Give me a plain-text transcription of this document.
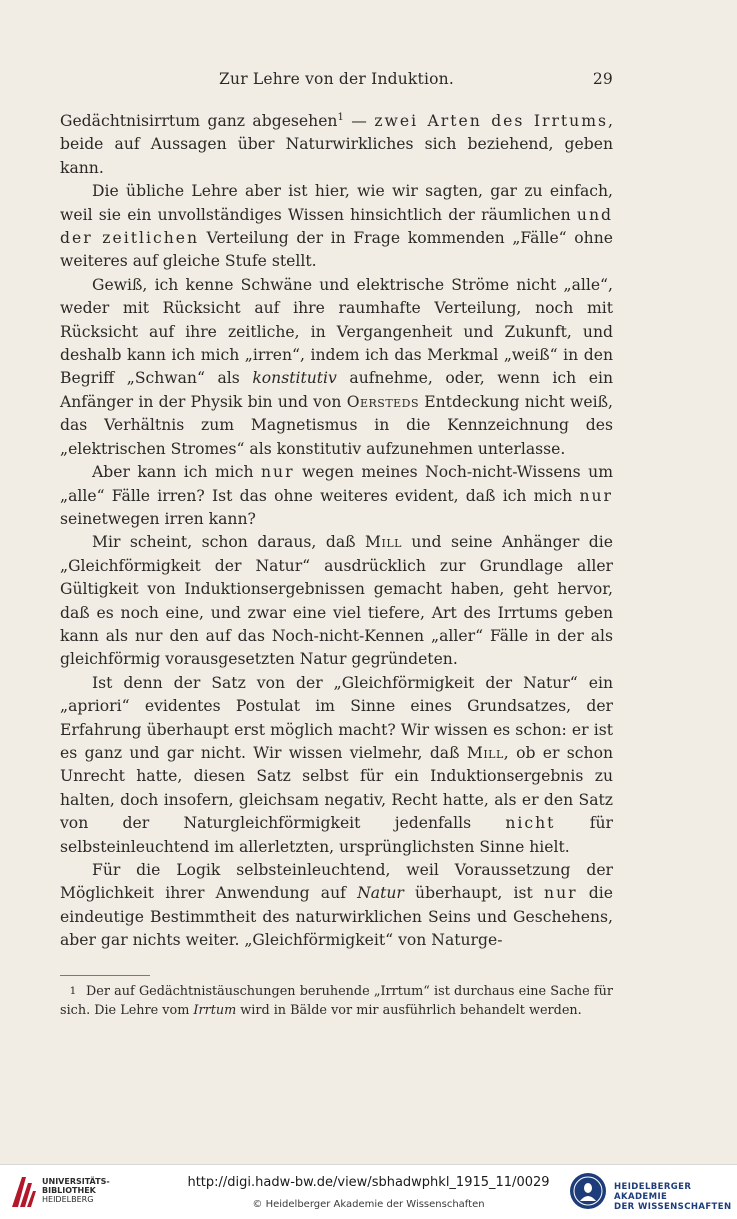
Zur Lehre von der Induktion.	29

Gedächtnisirrtum ganz abgesehen$^1$ — zwei Arten des Irrtums, beide auf Aussagen über Naturwirkliches sich beziehend, geben kann.

Die übliche Lehre aber ist hier, wie wir sagten, gar zu einfach, weil sie ein unvollständiges Wissen hinsichtlich der räumlichen und der zeitlichen Verteilung der in Frage kommenden „Fälle“ ohne weiteres auf gleiche Stufe stellt.

Gewiß, ich kenne Schwäne und elektrische Ströme nicht „alle“, weder mit Rücksicht auf ihre raumhafte Verteilung, noch mit Rücksicht auf ihre zeitliche, in Vergangenheit und Zukunft, und deshalb kann ich mich „irren“, indem ich das Merkmal „weiß“ in den Begriff „Schwan“ als konstitutiv aufnehme, oder, wenn ich ein Anfänger in der Physik bin und von Oersteds Entdeckung nicht weiß, das Verhältnis zum Magnetismus in die Kennzeichnung des „elektrischen Stromes“ als konstitutiv aufzunehmen unterlasse.

Aber kann ich mich nur wegen meines Noch-nicht-Wissens um „alle“ Fälle irren? Ist das ohne weiteres evident, daß ich mich nur seinetwegen irren kann?

Mir scheint, schon daraus, daß Mill und seine Anhänger die „Gleichförmigkeit der Natur“ ausdrücklich zur Grundlage aller Gültigkeit von Induktionsergebnissen gemacht haben, geht hervor, daß es noch eine, und zwar eine viel tiefere, Art des Irrtums geben kann als nur den auf das Noch-nicht-Kennen „aller“ Fälle in der als gleichförmig vorausgesetzten Natur gegründeten.

Ist denn der Satz von der „Gleichförmigkeit der Natur“ ein „apriori“ evidentes Postulat im Sinne eines Grundsatzes, der Erfahrung überhaupt erst möglich macht? Wir wissen es schon: er ist es ganz und gar nicht. Wir wissen vielmehr, daß Mill, ob er schon Unrecht hatte, diesen Satz selbst für ein Induktionsergebnis zu halten, doch insofern, gleichsam negativ, Recht hatte, als er den Satz von der Naturgleichförmigkeit jedenfalls nicht für selbsteinleuchtend im allerletzten, ursprünglichsten Sinne hielt.

Für die Logik selbsteinleuchtend, weil Voraussetzung der Möglichkeit ihrer Anwendung auf Natur überhaupt, ist nur die eindeutige Bestimmtheit des naturwirklichen Seins und Geschehens, aber gar nichts weiter. „Gleichförmigkeit“ von Naturge-

1 Der auf Gedächtnistäuschungen beruhende „Irrtum“ ist durchaus eine Sache für sich. Die Lehre vom Irrtum wird in Bälde vor mir ausführlich behandelt werden.
UNIVERSITÄTS-
BIBLIOTHEK
HEIDELBERG
http://digi.hadw-bw.de/view/sbhadwphkl_1915_11/0029
© Heidelberger Akademie der Wissenschaften
HEIDELBERGER AKADEMIE
DER WISSENSCHAFTEN
